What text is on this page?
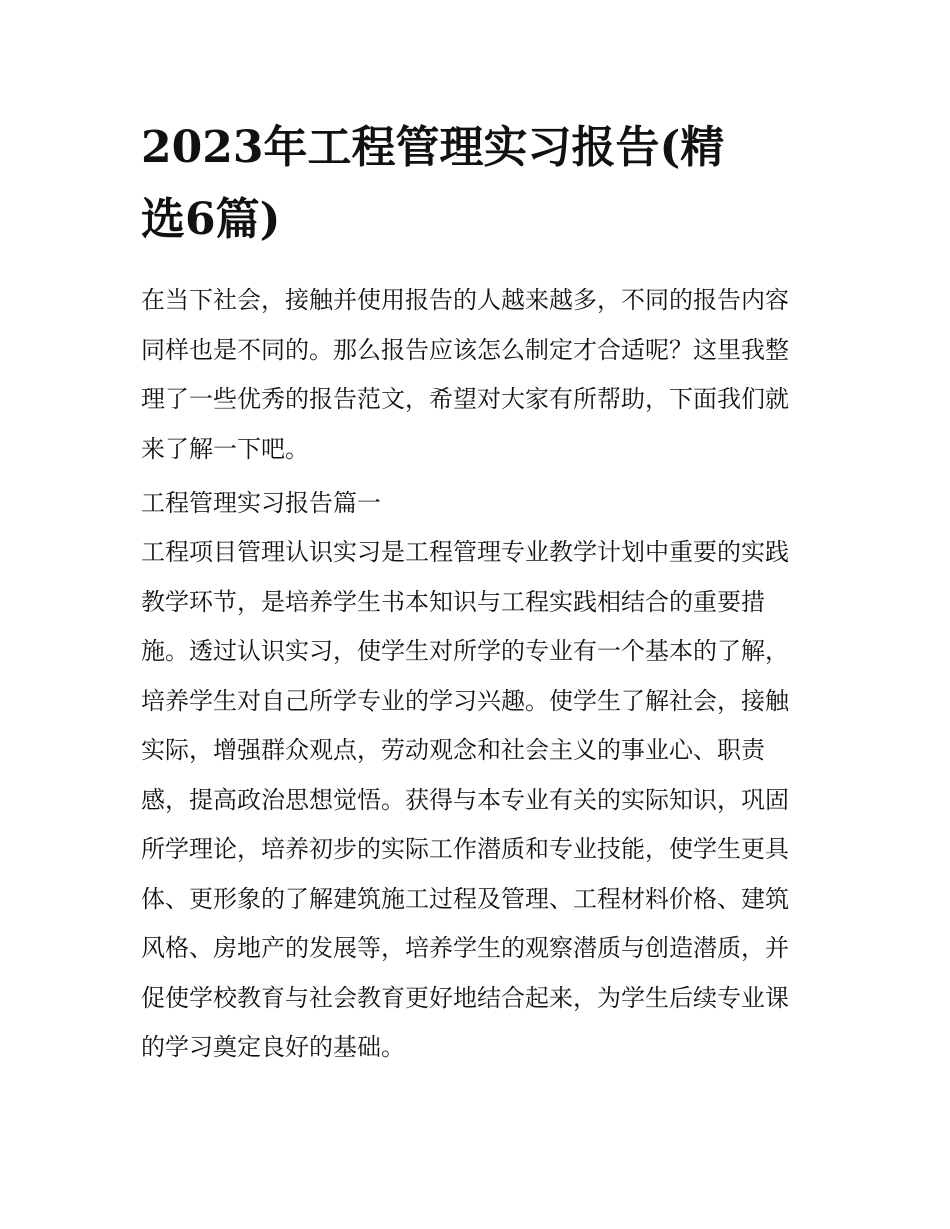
2023年工程管理实习报告(精
选6篇)
在当下社会，接触并使用报告的人越来越多，不同的报告内容
同样也是不同的。那么报告应该怎么制定才合适呢？这里我整
理了一些优秀的报告范文，希望对大家有所帮助，下面我们就
来了解一下吧。
工程管理实习报告篇一
工程项目管理认识实习是工程管理专业教学计划中重要的实践
教学环节，是培养学生书本知识与工程实践相结合的重要措
施。透过认识实习，使学生对所学的专业有一个基本的了解，
培养学生对自己所学专业的学习兴趣。使学生了解社会，接触
实际，增强群众观点，劳动观念和社会主义的事业心、职责
感，提高政治思想觉悟。获得与本专业有关的实际知识，巩固
所学理论，培养初步的实际工作潜质和专业技能，使学生更具
体、更形象的了解建筑施工过程及管理、工程材料价格、建筑
风格、房地产的发展等，培养学生的观察潜质与创造潜质，并
促使学校教育与社会教育更好地结合起来，为学生后续专业课
的学习奠定良好的基础。
